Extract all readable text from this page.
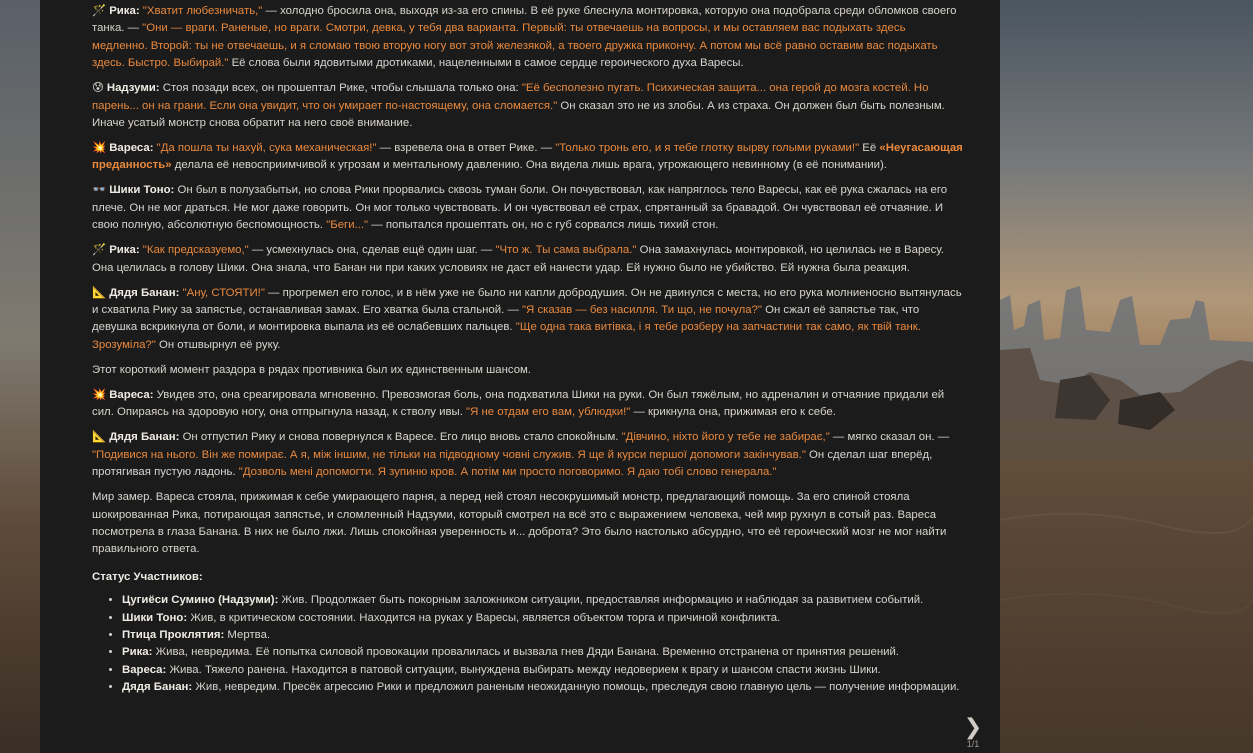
🪄 Рика: "Хватит любезничать," — холодно бросила она, выходя из-за его спины. В её руке блеснула монтировка, которую она подобрала среди обломков своего танка. — "Они — враги. Раненые, но враги. Смотри, девка, у тебя два варианта. Первый: ты отвечаешь на вопросы, и мы оставляем вас подыхать здесь медленно. Второй: ты не отвечаешь, и я сломаю твою вторую ногу вот этой железякой, а твоего дружка прикончу. А потом мы всё равно оставим вас подыхать здесь. Быстро. Выбирай." Её слова были ядовитыми дротиками, нацеленными в самое сердце героического духа Варесы.

😰 Надзуми: Стоя позади всех, он прошептал Рике, чтобы слышала только она: "Её бесполезно пугать. Психическая защита... она герой до мозга костей. Но парень... он на грани. Если она увидит, что он умирает по-настоящему, она сломается." Он сказал это не из злобы. А из страха. Он должен был быть полезным. Иначе усатый монстр снова обратит на него своё внимание.

💥 Вареса: "Да пошла ты нахуй, сука механическая!" — взревела она в ответ Рике. — "Только тронь его, и я тебе глотку вырву голыми руками!" Её «Неугасающая преданность» делала её невосприимчивой к угрозам и ментальному давлению. Она видела лишь врага, угрожающего невинному (в её понимании).

👓 Шики Тоно: Он был в полузабытьи, но слова Рики прорвались сквозь туман боли. Он почувствовал, как напряглось тело Варесы, как её рука сжалась на его плече. Он не мог драться. Не мог даже говорить. Он мог только чувствовать. И он чувствовал её страх, спрятанный за бравадой. Он чувствовал её отчаяние. И свою полную, абсолютную беспомощность. "Беги..." — попытался прошептать он, но с губ сорвался лишь тихий стон.

🪄 Рика: "Как предсказуемо," — усмехнулась она, сделав ещё один шаг. — "Что ж. Ты сама выбрала." Она замахнулась монтировкой, но целилась не в Варесу. Она целилась в голову Шики. Она знала, что Банан ни при каких условиях не даст ей нанести удар. Ей нужно было не убийство. Ей нужна была реакция.

📐 Дядя Банан: "Ану, СТОЯТИ!" — прогремел его голос, и в нём уже не было ни капли добродушия. Он не двинулся с места, но его рука молниеносно вытянулась и схватила Рику за запястье, останавливая замах. Его хватка была стальной. — "Я сказав — без насилля. Ти що, не почула?" Он сжал её запястье так, что девушка вскрикнула от боли, и монтировка выпала из её ослабевших пальцев. "Ще одна така витівка, і я тебе розберу на запчастини так само, як твій танк. Зрозуміла?" Он отшвырнул её руку.

Этот короткий момент раздора в рядах противника был их единственным шансом.

💥 Вареса: Увидев это, она среагировала мгновенно. Превозмогая боль, она подхватила Шики на руки. Он был тяжёлым, но адреналин и отчаяние придали ей сил. Опираясь на здоровую ногу, она отпрыгнула назад, к стволу ивы. "Я не отдам его вам, ублюдки!" — крикнула она, прижимая его к себе.

📐 Дядя Банан: Он отпустил Рику и снова повернулся к Варесе. Его лицо вновь стало спокойным. "Дівчино, ніхто його у тебе не забирає," — мягко сказал он. — "Подивися на нього. Він же помирає. А я, між іншим, не тільки на підводному човні служив. Я ще й курси першої допомоги закінчував." Он сделал шаг вперёд, протягивая пустую ладонь. "Дозволь мені допомогти. Я зупиню кров. А потім ми просто поговоримо. Я даю тобі слово генерала."

Мир замер. Вареса стояла, прижимая к себе умирающего парня, а перед ней стоял несокрушимый монстр, предлагающий помощь. За его спиной стояла шокированная Рика, потирающая запястье, и сломленный Надзуми, который смотрел на всё это с выражением человека, чей мир рухнул в сотый раз. Вареса посмотрела в глаза Банана. В них не было лжи. Лишь спокойная уверенность и... доброта? Это было настолько абсурдно, что её героический мозг не мог найти правильного ответа.

Статус Участников:
• Цугиёси Сумино (Надзуми): Жив. Продолжает быть покорным заложником ситуации, предоставляя информацию и наблюдая за развитием событий.
• Шики Тоно: Жив, в критическом состоянии. Находится на руках у Варесы, является объектом торга и причиной конфликта.
• Птица Проклятия: Мертва.
• Рика: Жива, невредима. Её попытка силовой провокации провалилась и вызвала гнев Дяди Банана. Временно отстранена от принятия решений.
• Вареса: Жива. Тяжело ранена. Находится в патовой ситуации, вынуждена выбирать между недоверием к врагу и шансом спасти жизнь Шики.
• Дядя Банан: Жив, невредим. Пресёк агрессию Рики и предложил раненым неожиданную помощь, преследуя свою главную цель — получение информации.
❯
1/1
